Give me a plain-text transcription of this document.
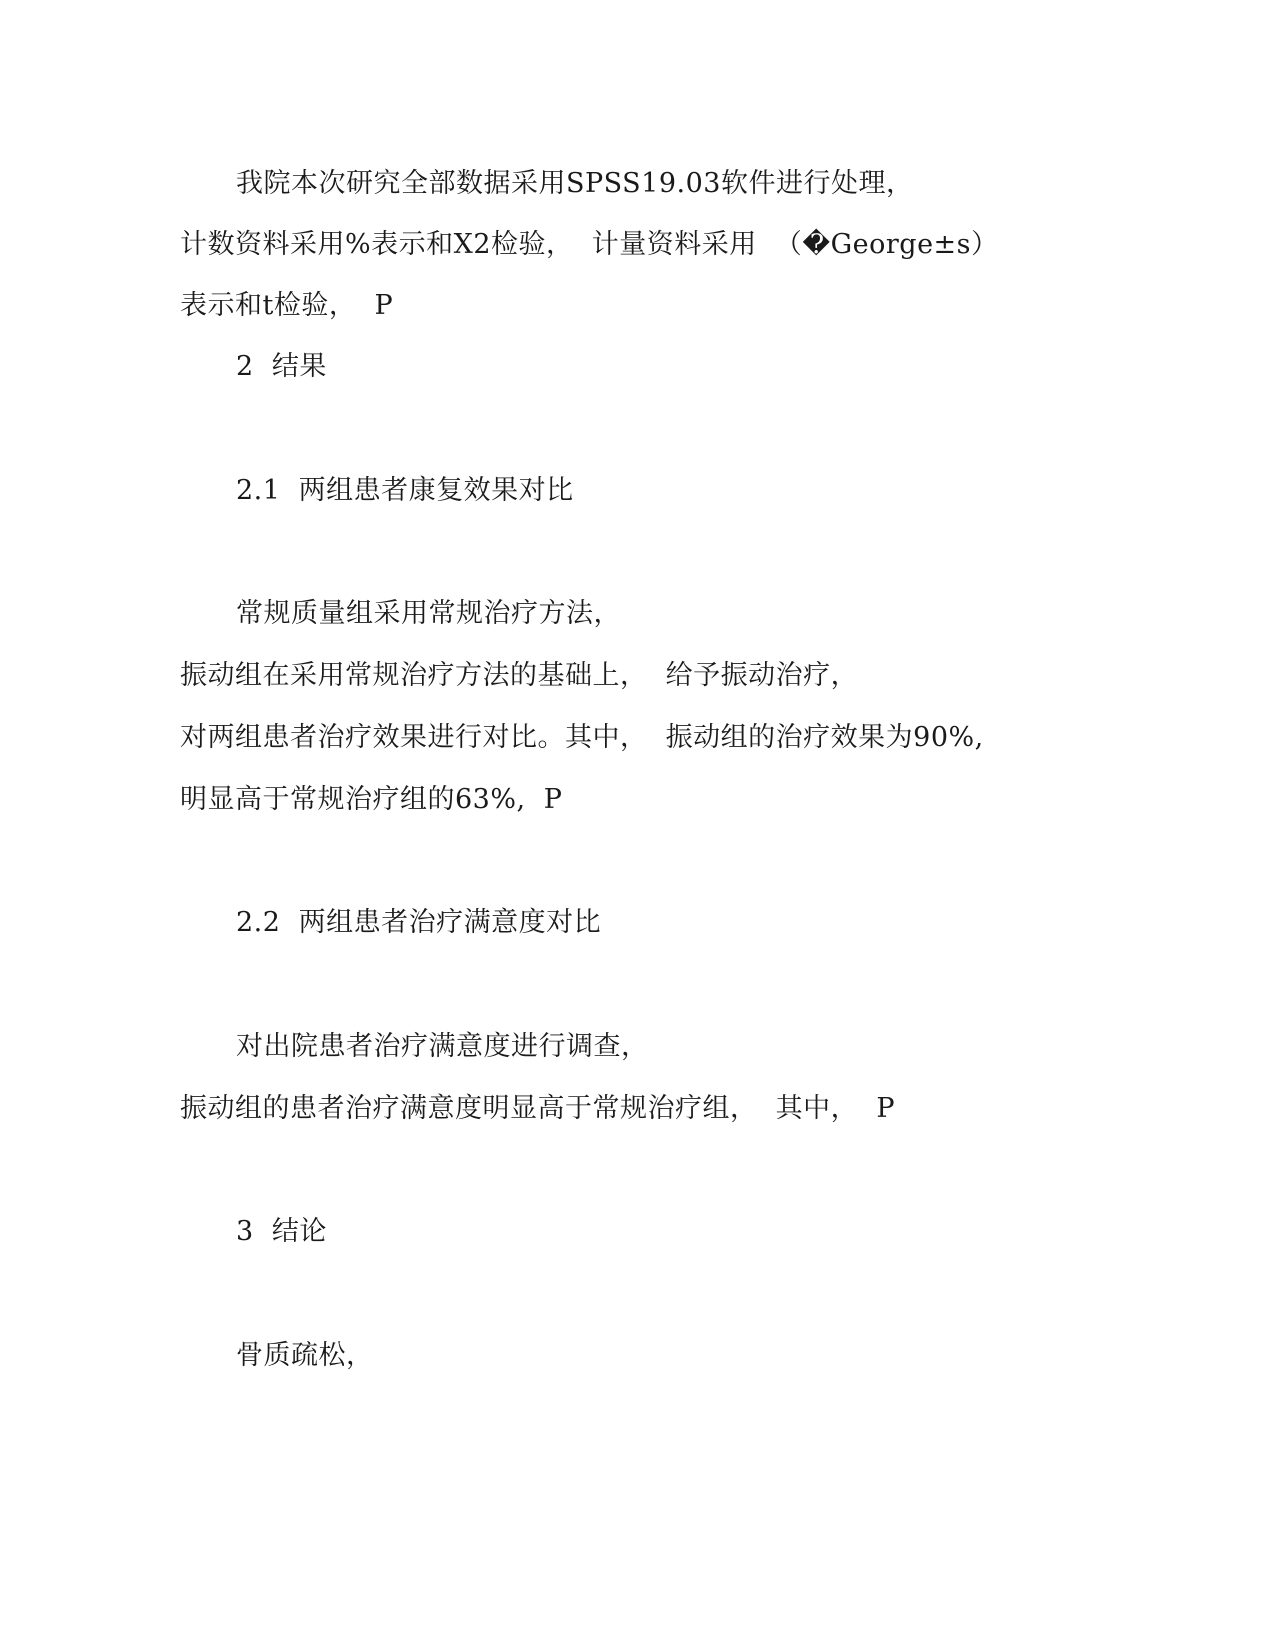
我院本次研究全部数据采用SPSS19.03软件进行处理，
计数资料采用%表示和X2检验，  计量资料采用  （�George±s）
表示和t检验，  P
2  结果
2.1  两组患者康复效果对比
常规质量组采用常规治疗方法，
振动组在采用常规治疗方法的基础上，  给予振动治疗，
对两组患者治疗效果进行对比。其中，  振动组的治疗效果为90%,
明显高于常规治疗组的63%,  P
2.2  两组患者治疗满意度对比
对出院患者治疗满意度进行调查，
振动组的患者治疗满意度明显高于常规治疗组，  其中，  P
3  结论
骨质疏松，
